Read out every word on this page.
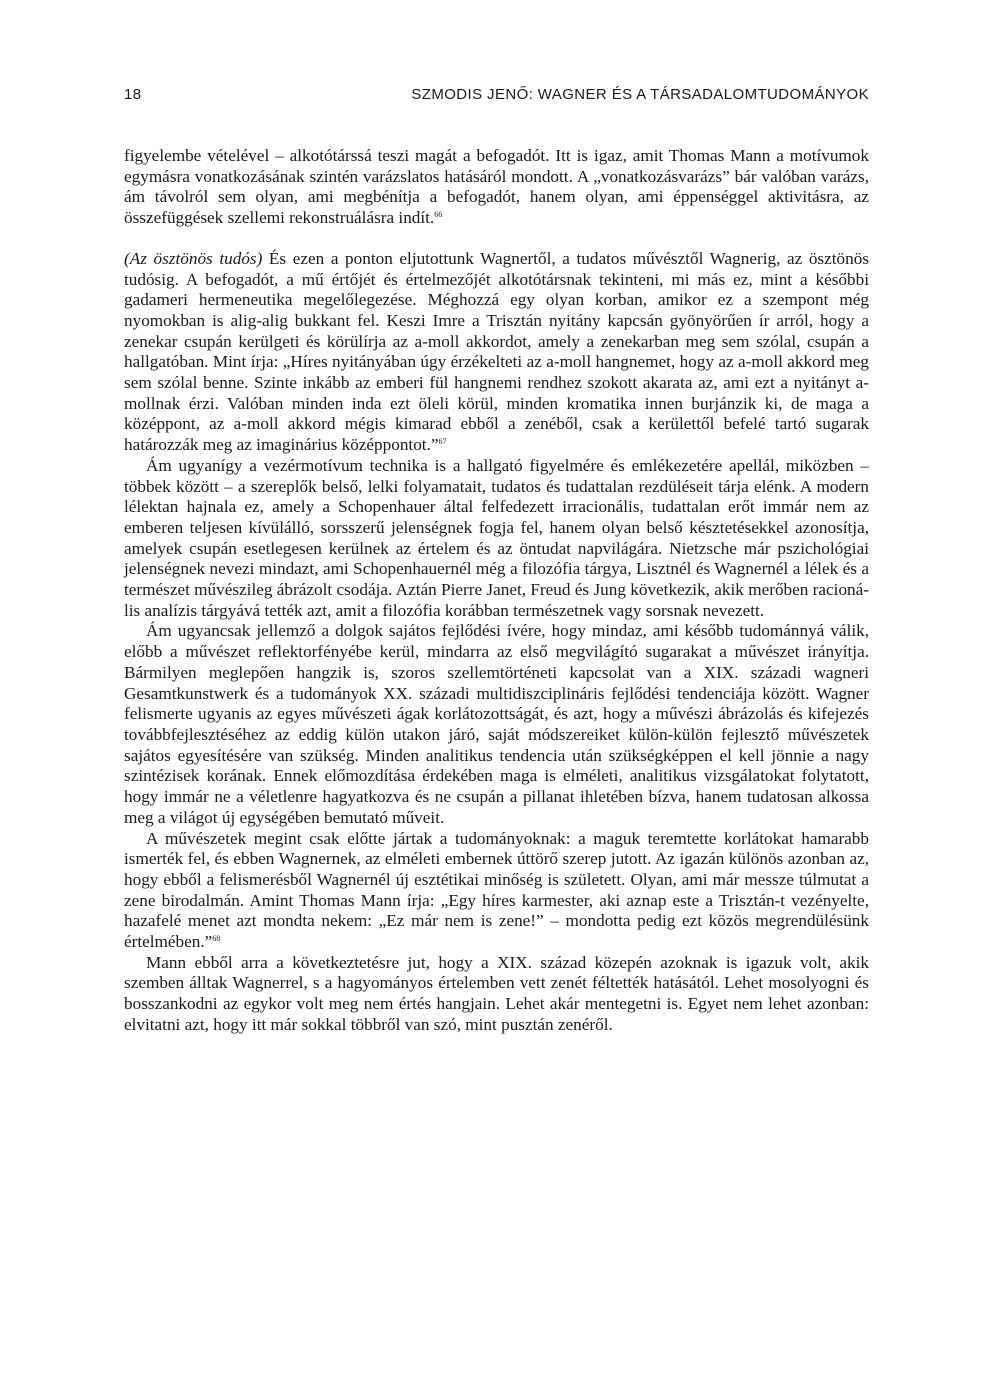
18	SZMODIS JENŐ: WAGNER ÉS A TÁRSADALOMTUDOMÁNYOK

figyelembe vételével – alkotótárssá teszi magát a befogadót. Itt is igaz, amit Thomas Mann a motívumok egymásra vonatkozásának szintén varázslatos hatásáról mondott. A „vonatkozásvarázs” bár valóban varázs, ám távolról sem olyan, ami megbénítja a befogadót, hanem olyan, ami éppenséggel aktivitásra, az összefüggések szellemi rekonstruálásra indít.$^{66}$

(Az ösztönös tudós) És ezen a ponton eljutottunk Wagnertől, a tudatos művésztől Wagnerig, az ösztönös tudósig. A befogadót, a mű értőjét és értelmezőjét alkotótársnak tekinteni, mi más ez, mint a későbbi gadameri hermeneutika megelőlegezése. Méghozzá egy olyan korban, amikor ez a szempont még nyomokban is alig-alig bukkant fel. Keszi Imre a Trisztán nyitány kapcsán gyönyörűen ír arról, hogy a zenekar csupán kerülgeti és körülírja az a-moll akkordot, amely a zenekarban meg sem szólal, csupán a hallgatóban. Mint írja: „Híres nyitányában úgy érzékelteti az a-moll hangnemet, hogy az a-moll akkord meg sem szólal benne. Szinte inkább az emberi fül hangnemi rendhez szokott akarata az, ami ezt a nyitányt a-mollnak érzi. Valóban minden inda ezt öleli körül, minden kromatika innen burjánzik ki, de maga a középpont, az a-moll akkord mégis kimarad ebből a zenéből, csak a kerülettől befelé tartó sugarak határozzák meg az imaginárius középpontot.”$^{67}$

Ám ugyanígy a vezérmotívum technika is a hallgató figyelmére és emlékezetére apellál, miközben – többek között – a szereplők belső, lelki folyamatait, tudatos és tudattalan rezdüléseit tárja elénk. A modern lélektan hajnala ez, amely a Schopenhauer által felfedezett irracionális, tudattalan erőt immár nem az emberen teljesen kívülálló, sorsszerű jelenségnek fogja fel, hanem olyan belső késztetésekkel azonosítja, amelyek csupán esetlegesen kerülnek az értelem és az öntudat napvilágára. Nietzsche már pszichológiai jelenségnek nevezi mindazt, ami Schopenhauernél még a filozófia tárgya, Lisztnél és Wagnernél a lélek és a természet művészileg ábrázolt csodája. Aztán Pierre Janet, Freud és Jung következik, akik merőben racionális analízis tárgyává tették azt, amit a filozófia korábban természetnek vagy sorsnak nevezett.

Ám ugyancsak jellemző a dolgok sajátos fejlődési ívére, hogy mindaz, ami később tudománnyá válik, előbb a művészet reflektorfényébe kerül, mindarra az első megvilágító sugarakat a művészet irányítja. Bármilyen meglepően hangzik is, szoros szellemtörténeti kapcsolat van a XIX. századi wagneri Gesamtkunstwerk és a tudományok XX. századi multidiszciplináris fejlődési tendenciája között. Wagner felismerte ugyanis az egyes művészeti ágak korlátozottságát, és azt, hogy a művészi ábrázolás és kifejezés továbbfejlesztéséhez az eddig külön utakon járó, saját módszereiket külön-külön fejlesztő művészetek sajátos egyesítésére van szükség. Minden analitikus tendencia után szükségképpen el kell jönnie a nagy szintézisek korának. Ennek előmozdítása érdekében maga is elméleti, analitikus vizsgálatokat folytatott, hogy immár ne a véletlenre hagyatkozva és ne csupán a pillanat ihletében bízva, hanem tudatosan alkossa meg a világot új egységében bemutató műveit.

A művészetek megint csak előtte jártak a tudományoknak: a maguk teremtette korlátokat hamarabb ismerték fel, és ebben Wagnernek, az elméleti embernek úttörő szerep jutott. Az igazán különös azonban az, hogy ebből a felismerésből Wagnernél új esztétikai minőség is született. Olyan, ami már messze túlmutat a zene birodalmán. Amint Thomas Mann írja: „Egy híres karmester, aki aznap este a Trisztán-t vezényelte, hazafelé menet azt mondta nekem: „Ez már nem is zene!” – mondotta pedig ezt közös megrendülésünk értelmében.”$^{68}$

Mann ebből arra a következtetésre jut, hogy a XIX. század közepén azoknak is igazuk volt, akik szemben álltak Wagnerrel, s a hagyományos értelemben vett zenét féltették hatásától. Lehet mosolyogni és bosszankodni az egykor volt meg nem értés hangjain. Lehet akár mentegetni is. Egyet nem lehet azonban: elvitatni azt, hogy itt már sokkal többről van szó, mint pusztán zenéről.
